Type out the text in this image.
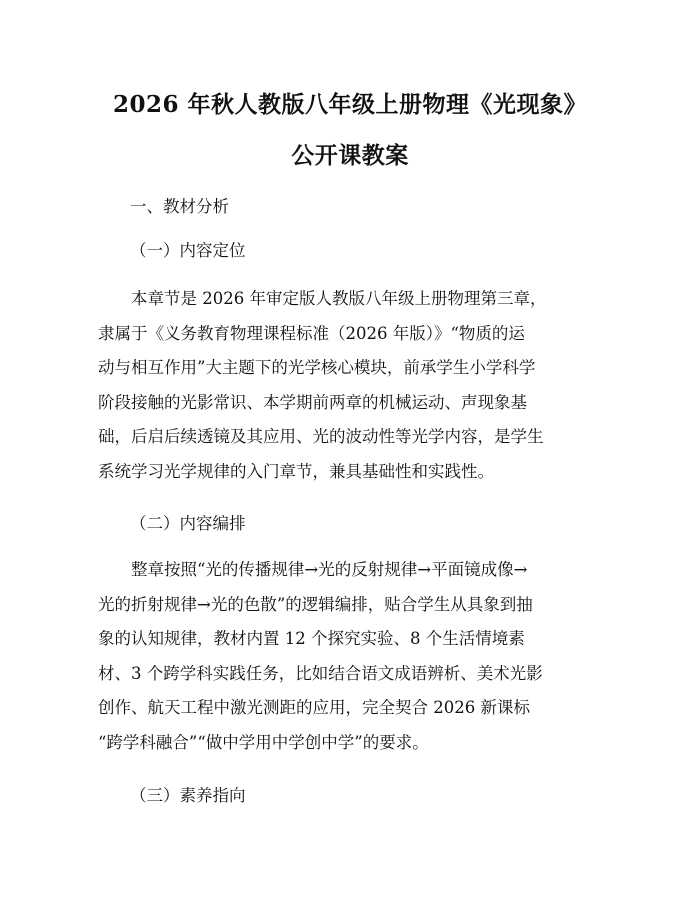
2026 年秋人教版八年级上册物理《光现象》
公开课教案
一、教材分析
（一）内容定位
本章节是 2026 年审定版人教版八年级上册物理第三章，
隶属于《义务教育物理课程标准（2026 年版）》“物质的运
动与相互作用”大主题下的光学核心模块，前承学生小学科学
阶段接触的光影常识、本学期前两章的机械运动、声现象基
础，后启后续透镜及其应用、光的波动性等光学内容，是学生
系统学习光学规律的入门章节，兼具基础性和实践性。
（二）内容编排
整章按照“光的传播规律→光的反射规律→平面镜成像→
光的折射规律→光的色散”的逻辑编排，贴合学生从具象到抽
象的认知规律，教材内置 12 个探究实验、8 个生活情境素
材、3 个跨学科实践任务，比如结合语文成语辨析、美术光影
创作、航天工程中激光测距的应用，完全契合 2026 新课标
“跨学科融合”“做中学用中学创中学”的要求。
（三）素养指向
